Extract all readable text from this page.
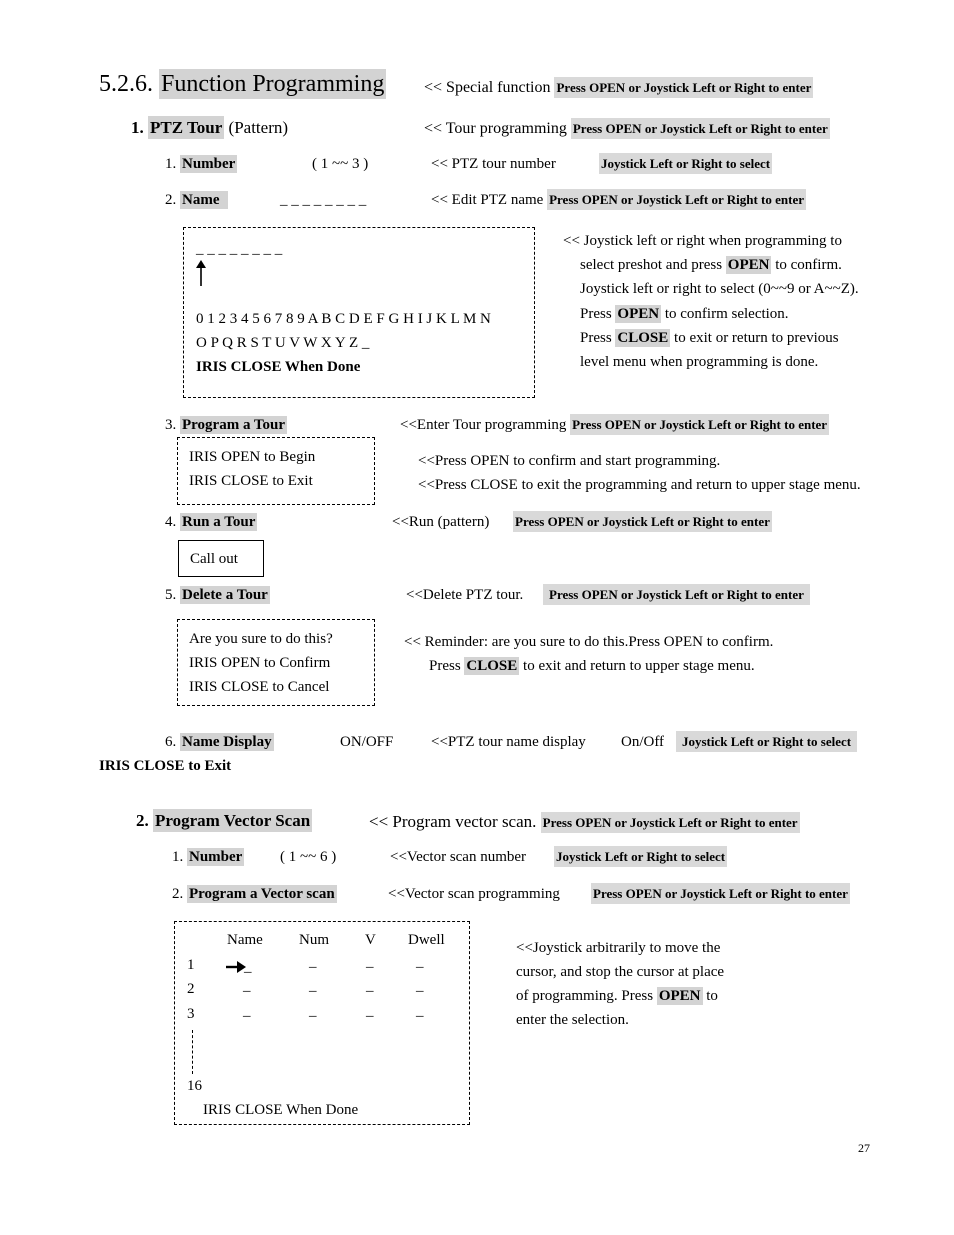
5.2.6. Function Programming << Special function Press OPEN or Joystick Left or Right to enter
1. PTZ Tour (Pattern)	<< Tour programming Press OPEN or Joystick Left or Right to enter
1. Number	( 1 ~~ 3 )	<< PTZ tour number	Joystick Left or Right to select
2. Name	_ _ _ _ _ _ _ _	<< Edit PTZ name Press OPEN or Joystick Left or Right to enter
_ _ _ _ _ _ _ _
0 1 2 3 4 5 6 7 8 9 A B C D E F G H I J K L M N
O P Q R S T U V W X Y Z _
IRIS CLOSE When Done
<< Joystick left or right when programming to
select preshot and press OPEN to confirm.
Joystick left or right to select (0~~9 or A~~Z).
Press OPEN to confirm selection.
Press CLOSE to exit or return to previous
level menu when programming is done.
3. Program a Tour	<<Enter Tour programming Press OPEN or Joystick Left or Right to enter
IRIS OPEN to Begin
IRIS CLOSE to Exit
<<Press OPEN to confirm and start programming.
<<Press CLOSE to exit the programming and return to upper stage menu.
4. Run a Tour	<<Run (pattern) Press OPEN or Joystick Left or Right to enter
Call out
5. Delete a Tour	<<Delete PTZ tour.	Press OPEN or Joystick Left or Right to enter
Are you sure to do this?
IRIS OPEN to Confirm
IRIS CLOSE to Cancel
<< Reminder: are you sure to do this.Press OPEN to confirm.
Press CLOSE to exit and return to upper stage menu.
6. Name Display	ON/OFF	<<PTZ tour name display On/Off	Joystick Left or Right to select
IRIS CLOSE to Exit
2. Program Vector Scan	<< Program vector scan. Press OPEN or Joystick Left or Right to enter
1. Number	( 1 ~~ 6 )	<<Vector scan number Joystick Left or Right to select
2. Program a Vector scan	<<Vector scan programming	Press OPEN or Joystick Left or Right to enter
Name Num V Dwell
1	_	–	–	–
2	–	–	–	–
3	–	–	–	–
16
IRIS CLOSE When Done
<<Joystick arbitrarily to move the
cursor, and stop the cursor at place
of programming. Press OPEN to
enter the selection.
27
